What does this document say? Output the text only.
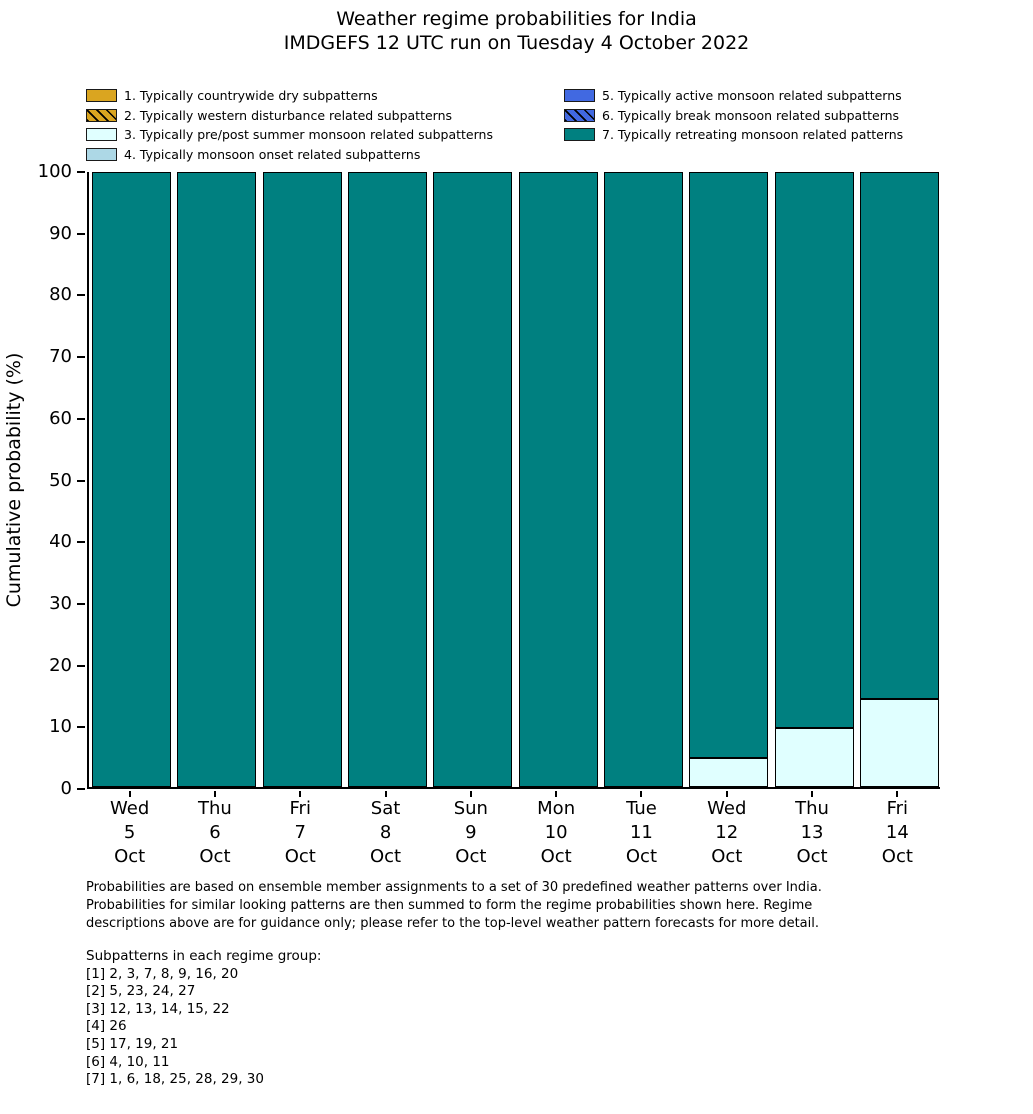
Weather regime probabilities for India
IMDGEFS 12 UTC run on Tuesday 4 October 2022
1. Typically countrywide dry subpatterns
2. Typically western disturbance related subpatterns
3. Typically pre/post summer monsoon related subpatterns
4. Typically monsoon onset related subpatterns
5. Typically active monsoon related subpatterns
6. Typically break monsoon related subpatterns
7. Typically retreating monsoon related patterns
Cumulative probability (%)
0
10
20
30
40
50
60
70
80
90
100
Wed
5
Oct
Thu
6
Oct
Fri
7
Oct
Sat
8
Oct
Sun
9
Oct
Mon
10
Oct
Tue
11
Oct
Wed
12
Oct
Thu
13
Oct
Fri
14
Oct
Probabilities are based on ensemble member assignments to a set of 30 predefined weather patterns over India.
Probabilities for similar looking patterns are then summed to form the regime probabilities shown here. Regime
descriptions above are for guidance only; please refer to the top-level weather pattern forecasts for more detail.
Subpatterns in each regime group:
[1] 2, 3, 7, 8, 9, 16, 20
[2] 5, 23, 24, 27
[3] 12, 13, 14, 15, 22
[4] 26
[5] 17, 19, 21
[6] 4, 10, 11
[7] 1, 6, 18, 25, 28, 29, 30
